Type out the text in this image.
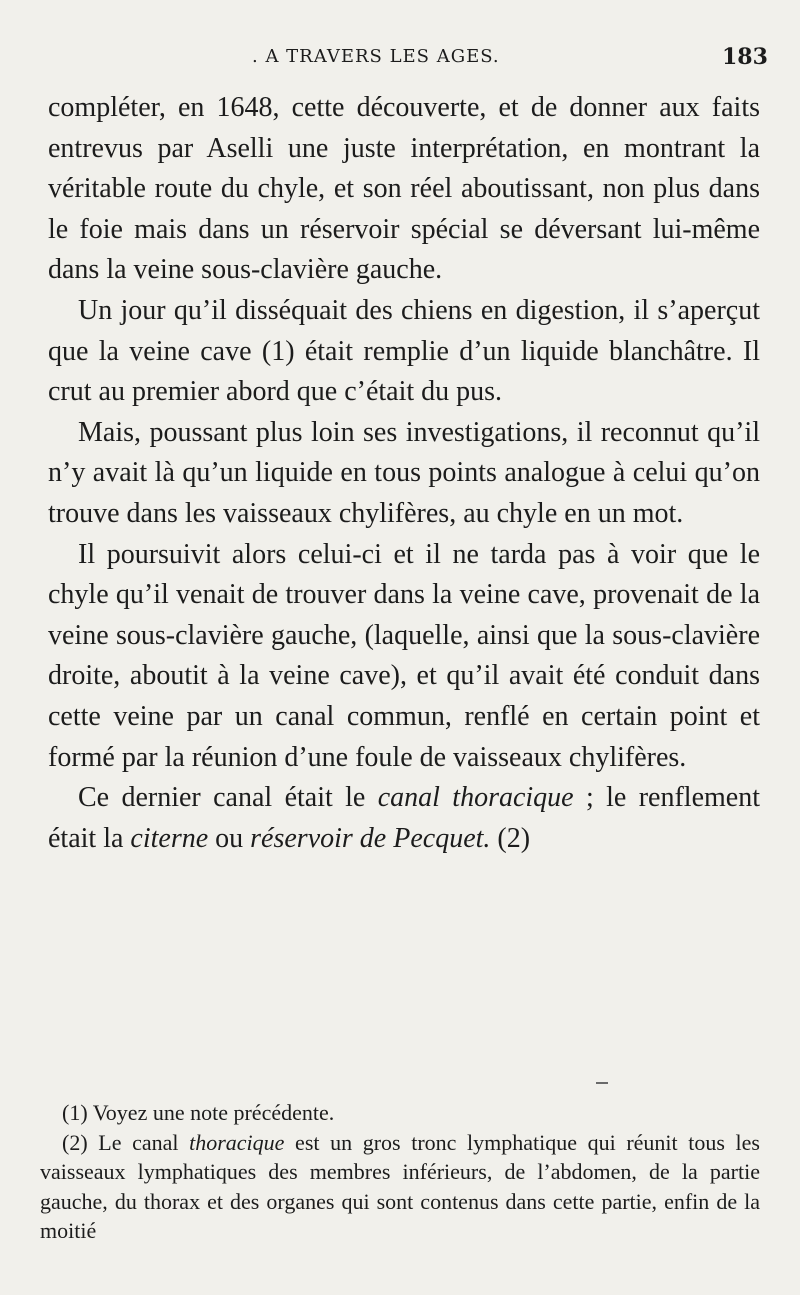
. A TRAVERS LES AGES.	183

compléter, en 1648, cette découverte, et de donner aux faits entrevus par Aselli une juste interprétation, en montrant la véritable route du chyle, et son réel aboutissant, non plus dans le foie mais dans un réservoir spécial se déversant lui-même dans la veine sous-clavière gauche.

Un jour qu’il disséquait des chiens en digestion, il s’aperçut que la veine cave (1) était remplie d’un liquide blanchâtre. Il crut au premier abord que c’était du pus.

Mais, poussant plus loin ses investigations, il reconnut qu’il n’y avait là qu’un liquide en tous points analogue à celui qu’on trouve dans les vaisseaux chylifères, au chyle en un mot.

Il poursuivit alors celui-ci et il ne tarda pas à voir que le chyle qu’il venait de trouver dans la veine cave, provenait de la veine sous-clavière gauche, (laquelle, ainsi que la sous-clavière droite, aboutit à la veine cave), et qu’il avait été conduit dans cette veine par un canal commun, renflé en certain point et formé par la réunion d’une foule de vaisseaux chylifères.

Ce dernier canal était le canal thoracique ; le renflement était la citerne ou réservoir de Pecquet. (2)

(1) Voyez une note précédente.

(2) Le canal thoracique est un gros tronc lymphatique qui réunit tous les vaisseaux lymphatiques des membres inférieurs, de l’abdomen, de la partie gauche, du thorax et des organes qui sont contenus dans cette partie, enfin de la moitié
